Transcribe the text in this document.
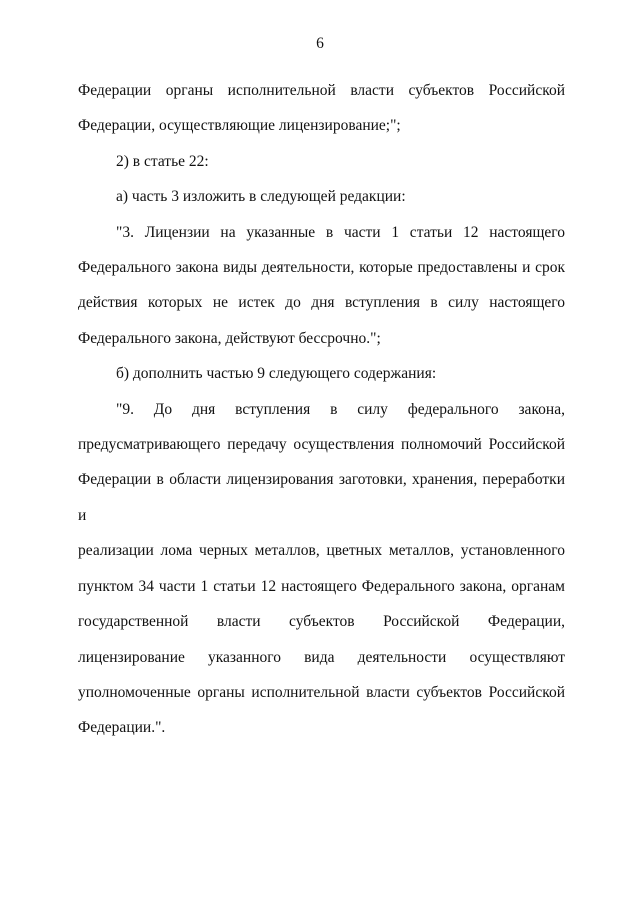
6
Федерации органы исполнительной власти субъектов Российской
Федерации, осуществляющие лицензирование;";
2) в статье 22:
а) часть 3 изложить в следующей редакции:
"3. Лицензии на указанные в части 1 статьи 12 настоящего
Федерального закона виды деятельности, которые предоставлены и срок
действия которых не истек до дня вступления в силу настоящего
Федерального закона, действуют бессрочно.";
б) дополнить частью 9 следующего содержания:
"9. До дня вступления в силу федерального закона,
предусматривающего передачу осуществления полномочий Российской
Федерации в области лицензирования заготовки, хранения, переработки и
реализации лома черных металлов, цветных металлов, установленного
пунктом 34 части 1 статьи 12 настоящего Федерального закона, органам
государственной власти субъектов Российской Федерации,
лицензирование указанного вида деятельности осуществляют
уполномоченные органы исполнительной власти субъектов Российской
Федерации.".
